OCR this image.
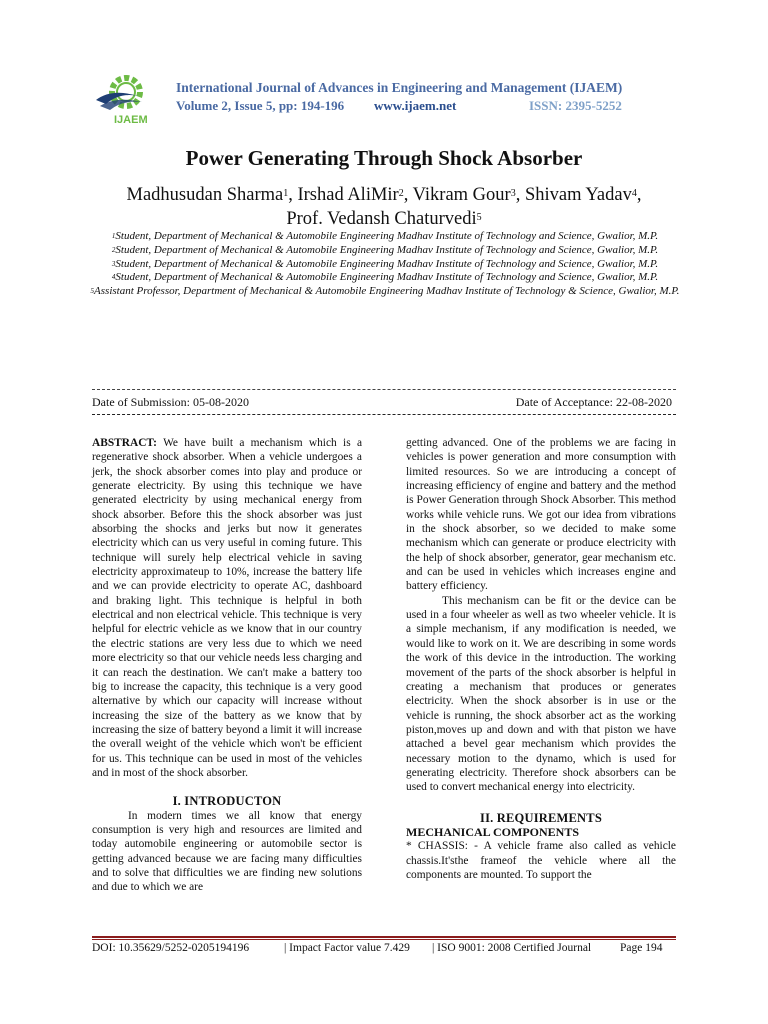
IJAEM
International Journal of Advances in Engineering and Management (IJAEM)
Volume 2, Issue 5, pp: 194-196 www.ijaem.net	ISSN: 2395-5252
Power Generating Through Shock Absorber
Madhusudan Sharma$^1$, Irshad AliMir$^2$, Vikram Gour$^3$, Shivam Yadav$^4$, Prof. Vedansh Chaturvedi$^5$
$^1$Student, Department of Mechanical & Automobile Engineering Madhav Institute of Technology and Science, Gwalior, M.P.
$^2$Student, Department of Mechanical & Automobile Engineering Madhav Institute of Technology and Science, Gwalior, M.P.
$^3$Student, Department of Mechanical & Automobile Engineering Madhav Institute of Technology and Science, Gwalior, M.P.
$^4$Student, Department of Mechanical & Automobile Engineering Madhav Institute of Technology and Science, Gwalior, M.P.
$^5$Assistant Professor, Department of Mechanical & Automobile Engineering Madhav Institute of Technology & Science, Gwalior, M.P.
Date of Submission: 05-08-2020	Date of Acceptance: 22-08-2020

ABSTRACT: We have built a mechanism which is a regenerative shock absorber. When a vehicle undergoes a jerk, the shock absorber comes into play and produce or generate electricity. By using this technique we have generated electricity by using mechanical energy from shock absorber. Before this the shock absorber was just absorbing the shocks and jerks but now it generates electricity which can us very useful in coming future. This technique will surely help electrical vehicle in saving electricity approximateup to 10%, increase the battery life and we can provide electricity to operate AC, dashboard and braking light. This technique is helpful in both electrical and non electrical vehicle. This technique is very helpful for electric vehicle as we know that in our country the electric stations are very less due to which we need more electricity so that our vehicle needs less charging and it can reach the destination. We can't make a battery too big to increase the capacity, this technique is a very good alternative by which our capacity will increase without increasing the size of the battery as we know that by increasing the size of battery beyond a limit it will increase the overall weight of the vehicle which won't be efficient for us. This technique can be used in most of the vehicles and in most of the shock absorber.

I. INTRODUCTON

In modern times we all know that energy consumption is very high and resources are limited and today automobile engineering or automobile sector is getting advanced because we are facing many difficulties and to solve that difficulties we are finding new solutions and due to which we are

getting advanced. One of the problems we are facing in vehicles is power generation and more consumption with limited resources. So we are introducing a concept of increasing efficiency of engine and battery and the method is Power Generation through Shock Absorber. This method works while vehicle runs. We got our idea from vibrations in the shock absorber, so we decided to make some mechanism which can generate or produce electricity with the help of shock absorber, generator, gear mechanism etc. and can be used in vehicles which increases engine and battery efficiency.

This mechanism can be fit or the device can be used in a four wheeler as well as two wheeler vehicle. It is a simple mechanism, if any modification is needed, we would like to work on it. We are describing in some words the work of this device in the introduction. The working movement of the parts of the shock absorber is helpful in creating a mechanism that produces or generates electricity. When the shock absorber is in use or the vehicle is running, the shock absorber act as the working piston,moves up and down and with that piston we have attached a bevel gear mechanism which provides the necessary motion to the dynamo, which is used for generating electricity. Therefore shock absorbers can be used to convert mechanical energy into electricity.

II. REQUIREMENTS
MECHANICAL COMPONENTS

* CHASSIS: - A vehicle frame also called as vehicle chassis.It'sthe frameof the vehicle where all the components are mounted. To support the

DOI: 10.35629/5252-0205194196	| Impact Factor value 7.429 | ISO 9001: 2008 Certified Journal	Page 194
